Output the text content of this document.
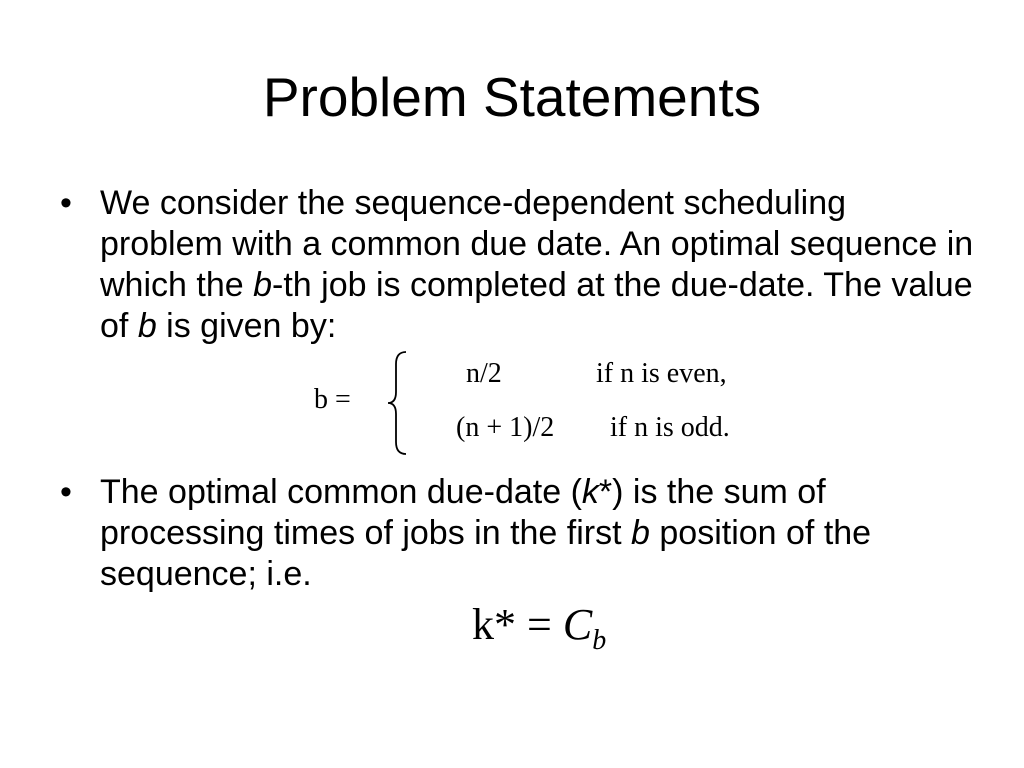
Problem Statements
• We consider the sequence-dependent scheduling problem with a common due date. An optimal sequence in which the b-th job is completed at the due-date. The value of b is given by:
b =
n/2	if n is even,
(n + 1)/2 if n is odd.
• The optimal common due-date (k*) is the sum of processing times of jobs in the first b position of the sequence; i.e.
$k* = C_b$
